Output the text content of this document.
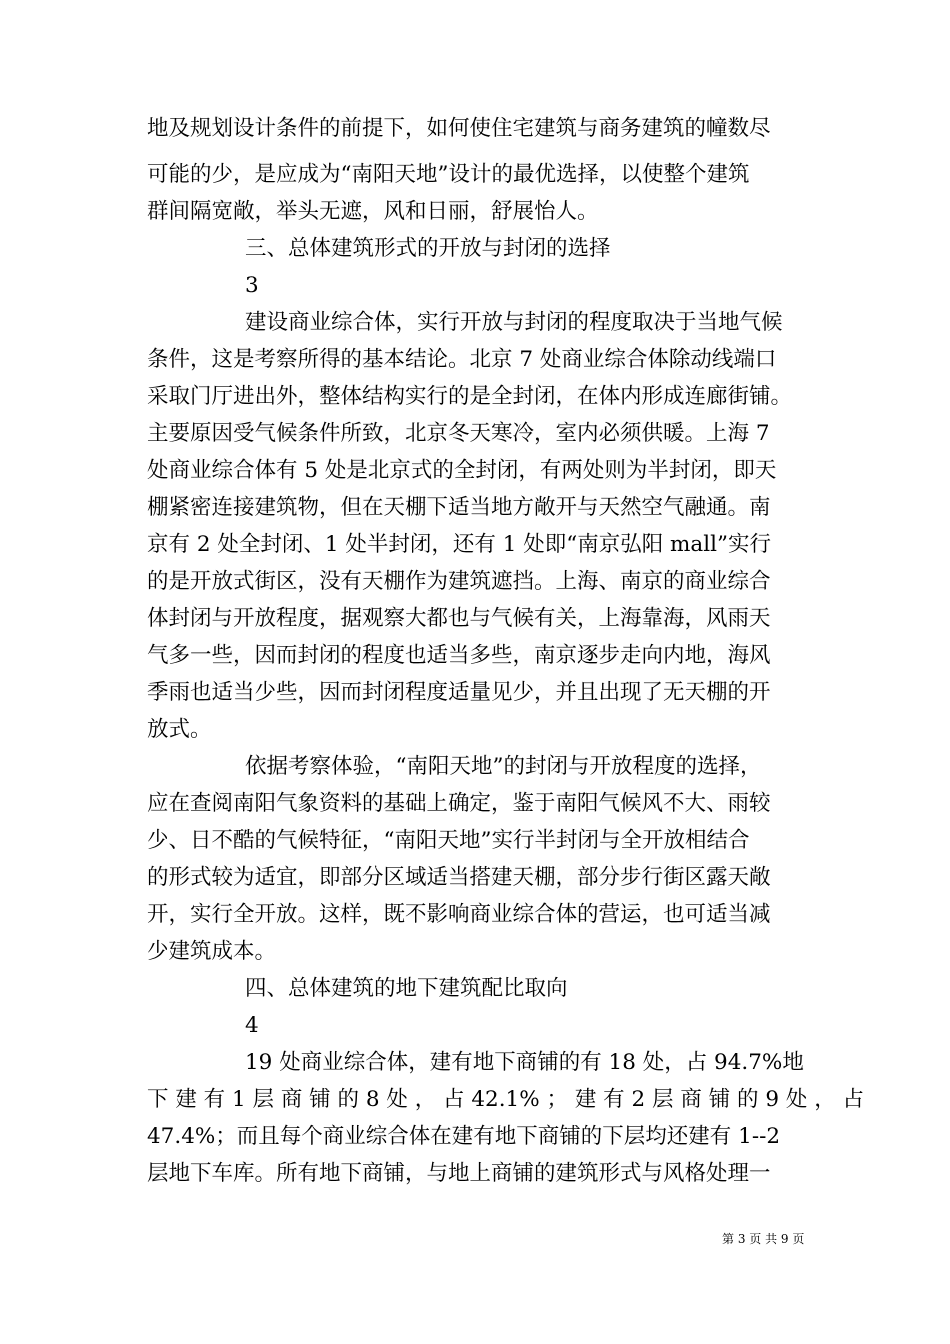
地及规划设计条件的前提下，如何使住宅建筑与商务建筑的幢数尽
可能的少，是应成为“南阳天地”设计的最优选择，以使整个建筑
群间隔宽敞，举头无遮，风和日丽，舒展怡人。
三、总体建筑形式的开放与封闭的选择
3
建设商业综合体，实行开放与封闭的程度取决于当地气候
条件，这是考察所得的基本结论。北京 7 处商业综合体除动线端口
采取门厅进出外，整体结构实行的是全封闭，在体内形成连廊街铺。
主要原因受气候条件所致，北京冬天寒冷，室内必须供暖。上海 7
处商业综合体有 5 处是北京式的全封闭，有两处则为半封闭，即天
棚紧密连接建筑物，但在天棚下适当地方敞开与天然空气融通。南
京有 2 处全封闭、1 处半封闭，还有 1 处即“南京弘阳 mall”实行
的是开放式街区，没有天棚作为建筑遮挡。上海、南京的商业综合
体封闭与开放程度，据观察大都也与气候有关，上海靠海，风雨天
气多一些，因而封闭的程度也适当多些，南京逐步走向内地，海风
季雨也适当少些，因而封闭程度适量见少，并且出现了无天棚的开
放式。
依据考察体验，“南阳天地”的封闭与开放程度的选择，
应在查阅南阳气象资料的基础上确定，鉴于南阳气候风不大、雨较
少、日不酷的气候特征，“南阳天地”实行半封闭与全开放相结合
的形式较为适宜，即部分区域适当搭建天棚，部分步行街区露天敞
开，实行全开放。这样，既不影响商业综合体的营运，也可适当减
少建筑成本。
四、总体建筑的地下建筑配比取向
4
19 处商业综合体，建有地下商铺的有 18 处，占 94.7%地
下 建 有 1 层 商 铺 的 8 处 ， 占 42.1% ； 建 有 2 层 商 铺 的 9 处 ， 占
47.4%；而且每个商业综合体在建有地下商铺的下层均还建有 1--2
层地下车库。所有地下商铺，与地上商铺的建筑形式与风格处理一
第 3 页 共 9 页
